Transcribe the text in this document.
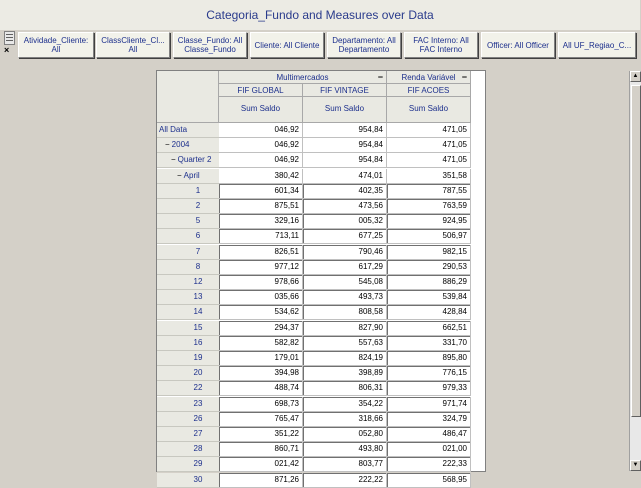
Categoria_Fundo and Measures over Data
×
Atividade_Cliente:
All
ClassCliente_Cl...
All
Classe_Fundo: All
Classe_Fundo	Cliente: All Cliente Departamento: All
Departamento
FAC Interno: All
FAC Interno	Officer: All Officer All UF_Regiao_C...
Multimercados	−	Renda Variável −
FIF GLOBAL	FIF VINTAGE	FIF ACOES
Sum Saldo	Sum Saldo	Sum Saldo
All Data	046,92	954,84	471,05
− 2004	046,92	954,84	471,05
− Quarter 2	046,92	954,84	471,05
− April	380,42	474,01	351,58
1	601,34	402,35	787,55
2	875,51	473,56	763,59
5	329,16	005,32	924,95
6	713,11	677,25	506,97
7	826,51	790,46	982,15
8	977,12	617,29	290,53
12	978,66	545,08	886,29
13	035,66	493,73	539,84
14	534,62	808,58	428,84
15	294,37	827,90	662,51
16	582,82	557,63	331,70
19	179,01	824,19	895,80
20	394,98	398,89	776,15
22	488,74	806,31	979,33
23	698,73	354,22	971,74
26	765,47	318,66	324,79
27	351,22	052,80	486,47
28	860,71	493,80	021,00
29	021,42	803,77	222,33
30	871,26	222,22	568,95
▲
▼
